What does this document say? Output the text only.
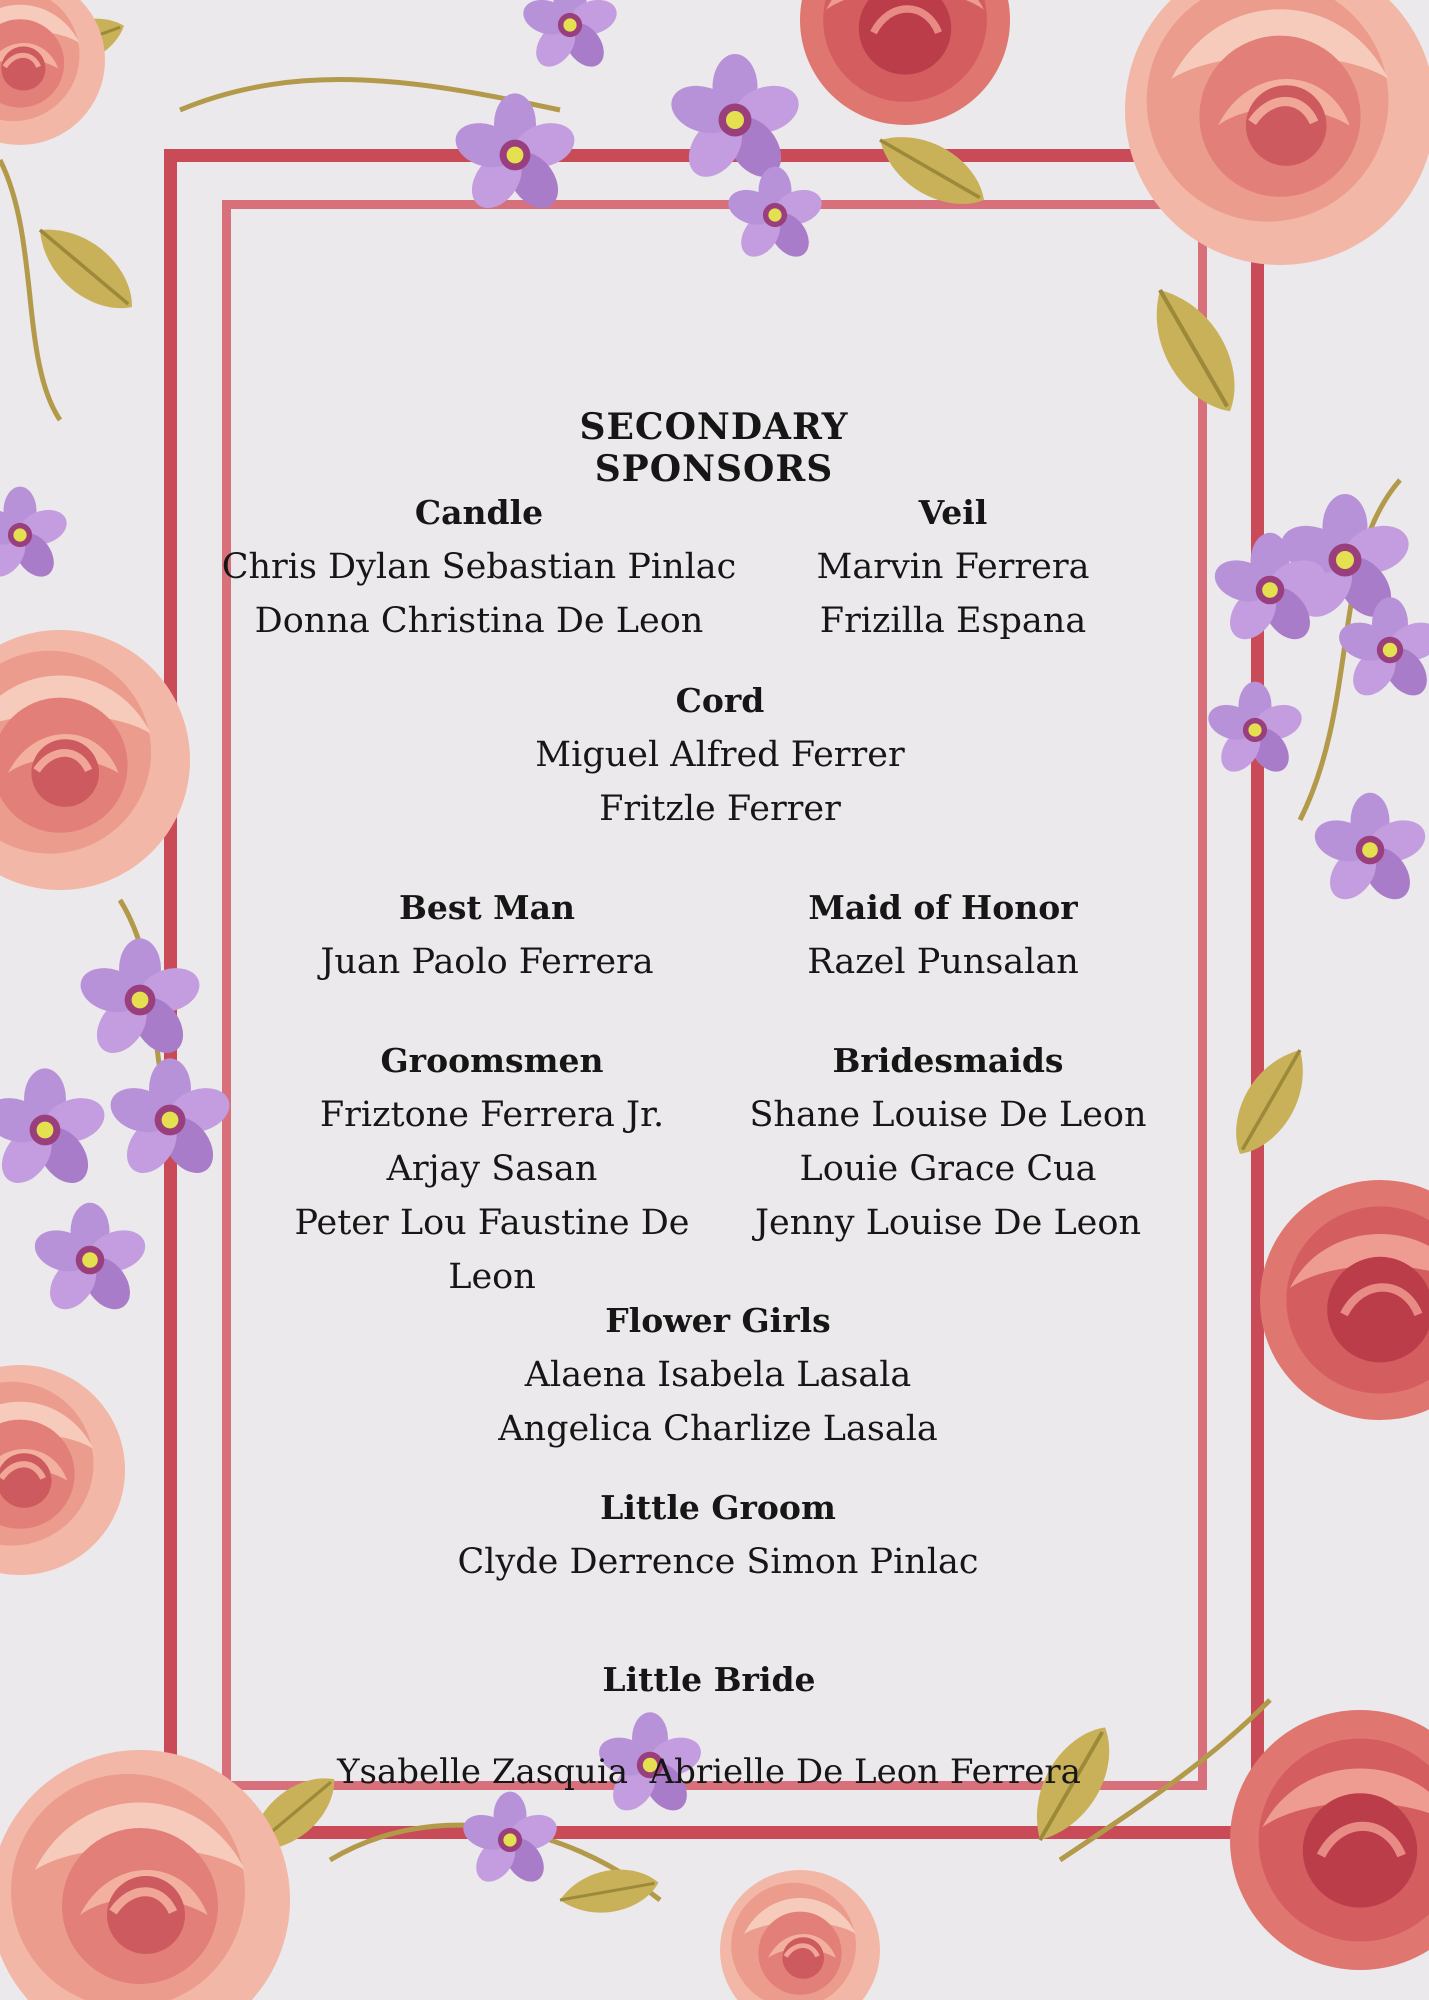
SECONDARY SPONSORS
Candle
Chris Dylan Sebastian Pinlac
Donna Christina De Leon
Veil
Marvin Ferrera
Frizilla Espana
Cord
Miguel Alfred Ferrer
Fritzle Ferrer
Best Man
Juan Paolo Ferrera
Maid of Honor
Razel Punsalan
Groomsmen
Friztone Ferrera Jr.
Arjay Sasan
Peter Lou Faustine De Leon
Bridesmaids
Shane Louise De Leon
Louie Grace Cua
Jenny Louise De Leon
Flower Girls
Alaena Isabela Lasala
Angelica Charlize Lasala
Little Groom
Clyde Derrence Simon Pinlac

Little Bride

Ysabelle Zasquia  Abrielle De Leon Ferrera
